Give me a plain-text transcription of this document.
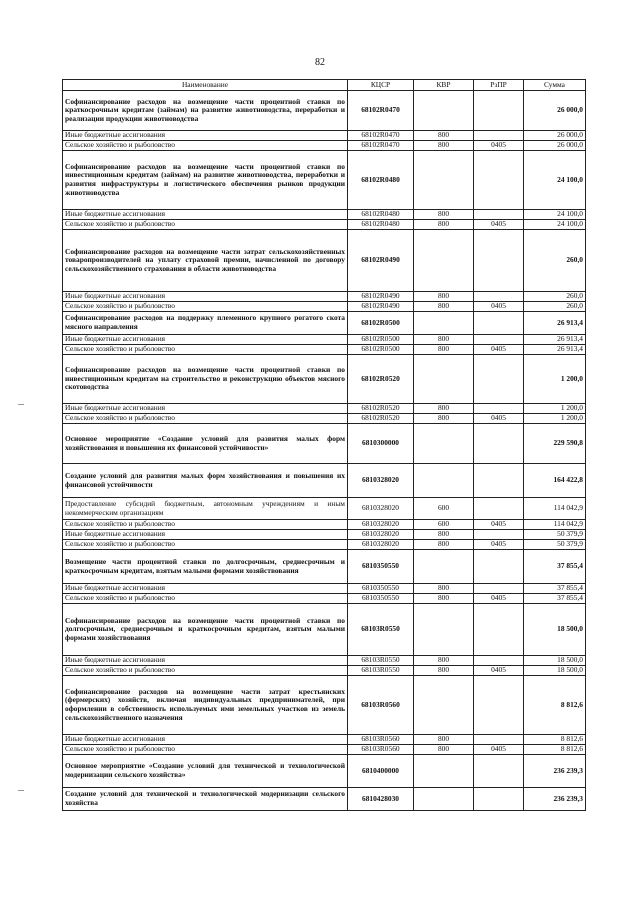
82
Наименование	КЦСР	КВР	РзПР	Сумма
Софинансирование расходов на возмещение части процентной ставки по краткосрочным кредитам (займам) на развитие животноводства, переработки и реализации продукции животноводства	68102R0470			26 000,0
Иные бюджетные ассигнования	68102R0470	800		26 000,0
Сельское хозяйство и рыболовство	68102R0470	800	0405	26 000,0
Софинансирование расходов на возмещение части процентной ставки по инвестиционным кредитам (займам) на развитие животноводства, переработки и развития инфраструктуры и логистического обеспечения рынков продукции животноводства	68102R0480			24 100,0
Иные бюджетные ассигнования	68102R0480	800		24 100,0
Сельское хозяйство и рыболовство	68102R0480	800	0405	24 100,0
Софинансирование расходов на возмещение части затрат сельскохозяйственных товаропроизводителей на уплату страховой премии, начисленной по договору сельскохозяйственного страхования в области животноводства	68102R0490			260,0
Иные бюджетные ассигнования	68102R0490	800		260,0
Сельское хозяйство и рыболовство	68102R0490	800	0405	260,0
Софинансирование расходов на поддержку племенного крупного рогатого скота мясного направления	68102R0500			26 913,4
Иные бюджетные ассигнования	68102R0500	800		26 913,4
Сельское хозяйство и рыболовство	68102R0500	800	0405	26 913,4
Софинансирование расходов на возмещение части процентной ставки по инвестиционным кредитам на строительство и реконструкцию объектов мясного скотоводства	68102R0520			1 200,0
Иные бюджетные ассигнования	68102R0520	800		1 200,0
Сельское хозяйство и рыболовство	68102R0520	800	0405	1 200,0
Основное мероприятие «Создание условий для развития малых форм хозяйствования и повышения их финансовой устойчивости»	6810300000			229 590,8
Создание условий для развития малых форм хозяйствования и повышения их финансовой устойчивости	6810328020			164 422,8
Предоставление субсидий бюджетным, автономным учреждениям и иным некоммерческим организациям	6810328020	600		114 042,9
Сельское хозяйство и рыболовство	6810328020	600	0405	114 042,9
Иные бюджетные ассигнования	6810328020	800		50 379,9
Сельское хозяйство и рыболовство	6810328020	800	0405	50 379,9
Возмещение части процентной ставки по долгосрочным, среднесрочным и краткосрочным кредитам, взятым малыми формами хозяйствования	6810350550			37 855,4
Иные бюджетные ассигнования	6810350550	800		37 855,4
Сельское хозяйство и рыболовство	6810350550	800	0405	37 855,4
Софинансирование расходов на возмещение части процентной ставки по долгосрочным, среднесрочным и краткосрочным кредитам, взятым малыми формами хозяйствования	68103R0550			18 500,0
Иные бюджетные ассигнования	68103R0550	800		18 500,0
Сельское хозяйство и рыболовство	68103R0550	800	0405	18 500,0
Софинансирование расходов на возмещение части затрат крестьянских (фермерских) хозяйств, включая индивидуальных предпринимателей, при оформлении в собственность используемых ими земельных участков из земель сельскохозяйственного назначения	68103R0560			8 812,6
Иные бюджетные ассигнования	68103R0560	800		8 812,6
Сельское хозяйство и рыболовство	68103R0560	800	0405	8 812,6
Основное мероприятие «Создание условий для технической и технологической модернизации сельского хозяйства»	6810400000			236 239,3
Создание условий для технической и технологической модернизации сельского хозяйства	6810428030			236 239,3
